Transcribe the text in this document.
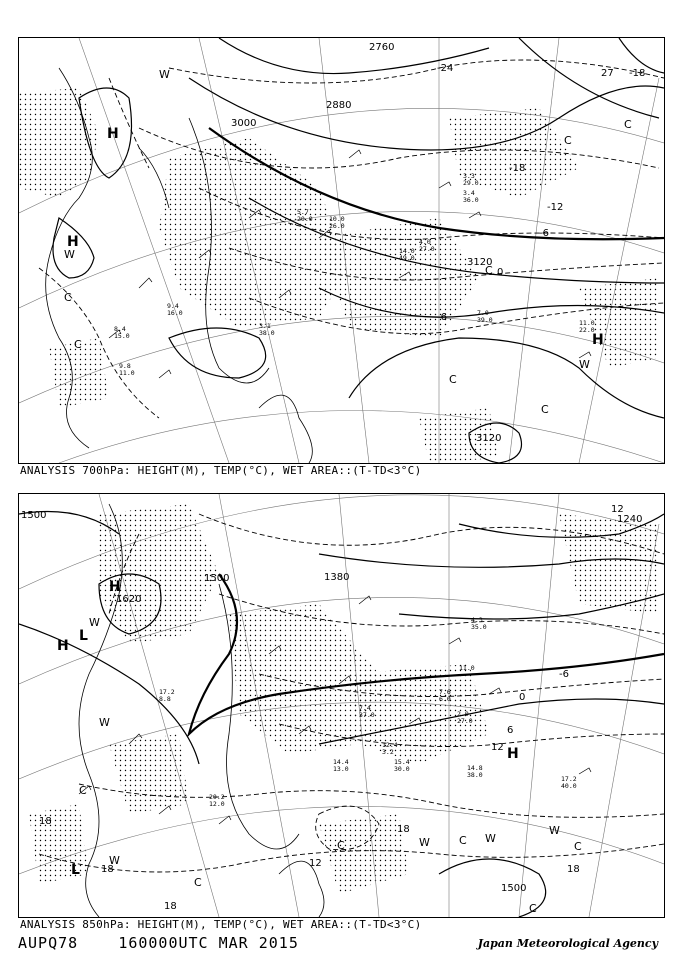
2760
2880
3000
3120
3120
-24	-18
-18
-12
-6
0
-6
27
H
H
H
W
W
C
C
C
C
C
W
C
C
11.0
22.0
7.0
39.0
9.4
16.0
8.4
15.0
3.1
38.0
14.0
49.0
4.0
27.0
3.4
36.0
3.3
29.0
10.0
26.0
5.7
20.0
9.8
11.0
ANALYSIS 700hPa: HEIGHT(M), TEMP(°C), WET AREA::(T-TD<3°C)
1500
1500	1380
1620
1240
1500
12
6
0
-6
12
18
18
18
18
12
18
H
H
L
H
L
W
W
W
W
C
C
C	C
W
C
W
C
14.8
38.0	17.2
40.0
15.4
30.0
14.4
13.0
12.4
3.2
2.0
27.0
7.6
6.0
4.3
35.0
11.0
7.4
37.0
20.2
12.0
17.2
8.8
ANALYSIS 850hPa: HEIGHT(M), TEMP(°C), WET AREA::(T-TD<3°C)
AUPQ78	160000UTC MAR 2015	Japan Meteorological Agency
